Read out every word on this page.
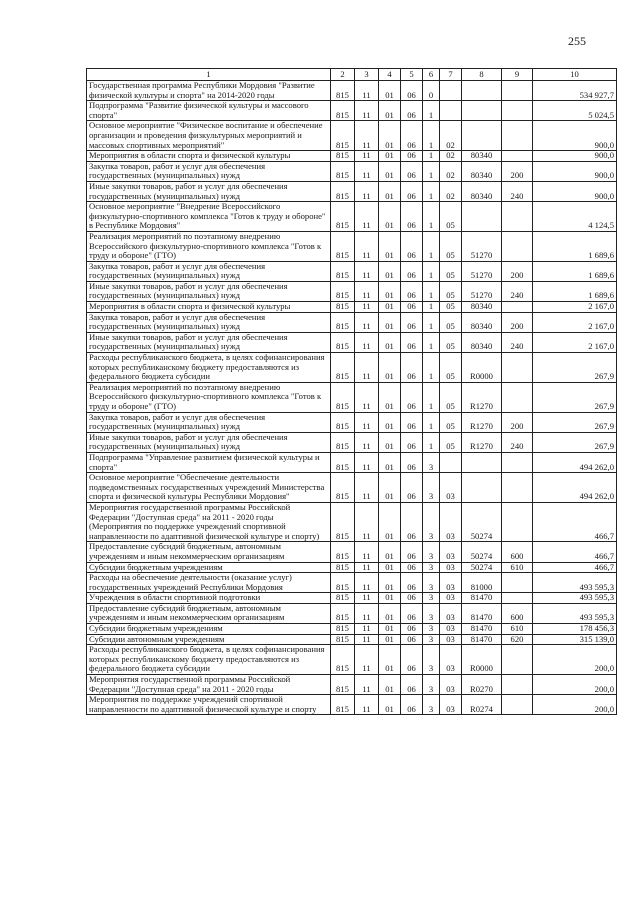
255
1	2	3	4	5	6	7	8	9	10
Государственная программа Республики Мордовия "Развитие физической культуры и спорта" на 2014-2020 годы	815	11	01	06	0				534 927,7
Подпрограмма "Развитие физической культуры и массового спорта"	815	11	01	06	1				5 024,5
Основное мероприятие "Физическое воспитание и обеспечение организации и проведения физкультурных мероприятий и массовых спортивных мероприятий"	815	11	01	06	1	02			900,0
Мероприятия в области спорта и физической культуры	815	11	01	06	1	02	80340		900,0
Закупка товаров, работ и услуг для обеспечения государственных (муниципальных) нужд	815	11	01	06	1	02	80340	200	900,0
Иные закупки товаров, работ и услуг для обеспечения государственных (муниципальных) нужд	815	11	01	06	1	02	80340	240	900,0
Основное мероприятие "Внедрение Всероссийского физкультурно-спортивного комплекса "Готов к труду и обороне" в Республике Мордовия"	815	11	01	06	1	05			4 124,5
Реализация мероприятий по поэтапному внедрению Всероссийского физкультурно-спортивного комплекса "Готов к труду и обороне" (ГТО)	815	11	01	06	1	05	51270		1 689,6
Закупка товаров, работ и услуг для обеспечения государственных (муниципальных) нужд	815	11	01	06	1	05	51270	200	1 689,6
Иные закупки товаров, работ и услуг для обеспечения государственных (муниципальных) нужд	815	11	01	06	1	05	51270	240	1 689,6
Мероприятия в области спорта и физической культуры	815	11	01	06	1	05	80340		2 167,0
Закупка товаров, работ и услуг для обеспечения государственных (муниципальных) нужд	815	11	01	06	1	05	80340	200	2 167,0
Иные закупки товаров, работ и услуг для обеспечения государственных (муниципальных) нужд	815	11	01	06	1	05	80340	240	2 167,0
Расходы республиканского бюджета, в целях софинансирования которых республиканскому бюджету предоставляются из федерального бюджета субсидии	815	11	01	06	1	05	R0000		267,9
Реализация мероприятий по поэтапному внедрению Всероссийского физкультурно-спортивного комплекса "Готов к труду и обороне" (ГТО)	815	11	01	06	1	05	R1270		267,9
Закупка товаров, работ и услуг для обеспечения государственных (муниципальных) нужд	815	11	01	06	1	05	R1270	200	267,9
Иные закупки товаров, работ и услуг для обеспечения государственных (муниципальных) нужд	815	11	01	06	1	05	R1270	240	267,9
Подпрограмма "Управление развитием физической культуры и спорта"	815	11	01	06	3				494 262,0
Основное мероприятие "Обеспечение деятельности подведомственных государственных учреждений Министерства спорта и физической культуры Республики Мордовия"	815	11	01	06	3	03			494 262,0
Мероприятия государственной программы Российской Федерации "Доступная среда" на 2011 - 2020 годы (Мероприятия по поддержке учреждений спортивной направленности по адаптивной физической культуре и спорту)	815	11	01	06	3	03	50274		466,7
Предоставление субсидий бюджетным, автономным учреждениям и иным некоммерческим организациям	815	11	01	06	3	03	50274	600	466,7
Субсидии бюджетным учреждениям	815	11	01	06	3	03	50274	610	466,7
Расходы на обеспечение деятельности (оказание услуг) государственных учреждений Республики Мордовия	815	11	01	06	3	03	81000		493 595,3
Учреждения в области спортивной подготовки	815	11	01	06	3	03	81470		493 595,3
Предоставление субсидий бюджетным, автономным учреждениям и иным некоммерческим организациям	815	11	01	06	3	03	81470	600	493 595,3
Субсидии бюджетным учреждениям	815	11	01	06	3	03	81470	610	178 456,3
Субсидии автономным учреждениям	815	11	01	06	3	03	81470	620	315 139,0
Расходы республиканского бюджета, в целях софинансирования которых республиканскому бюджету предоставляются из федерального бюджета субсидии	815	11	01	06	3	03	R0000		200,0
Мероприятия государственной программы Российской Федерации "Доступная среда" на 2011 - 2020 годы	815	11	01	06	3	03	R0270		200,0
Мероприятия по поддержке учреждений спортивной направленности по адаптивной физической культуре и спорту	815	11	01	06	3	03	R0274		200,0
